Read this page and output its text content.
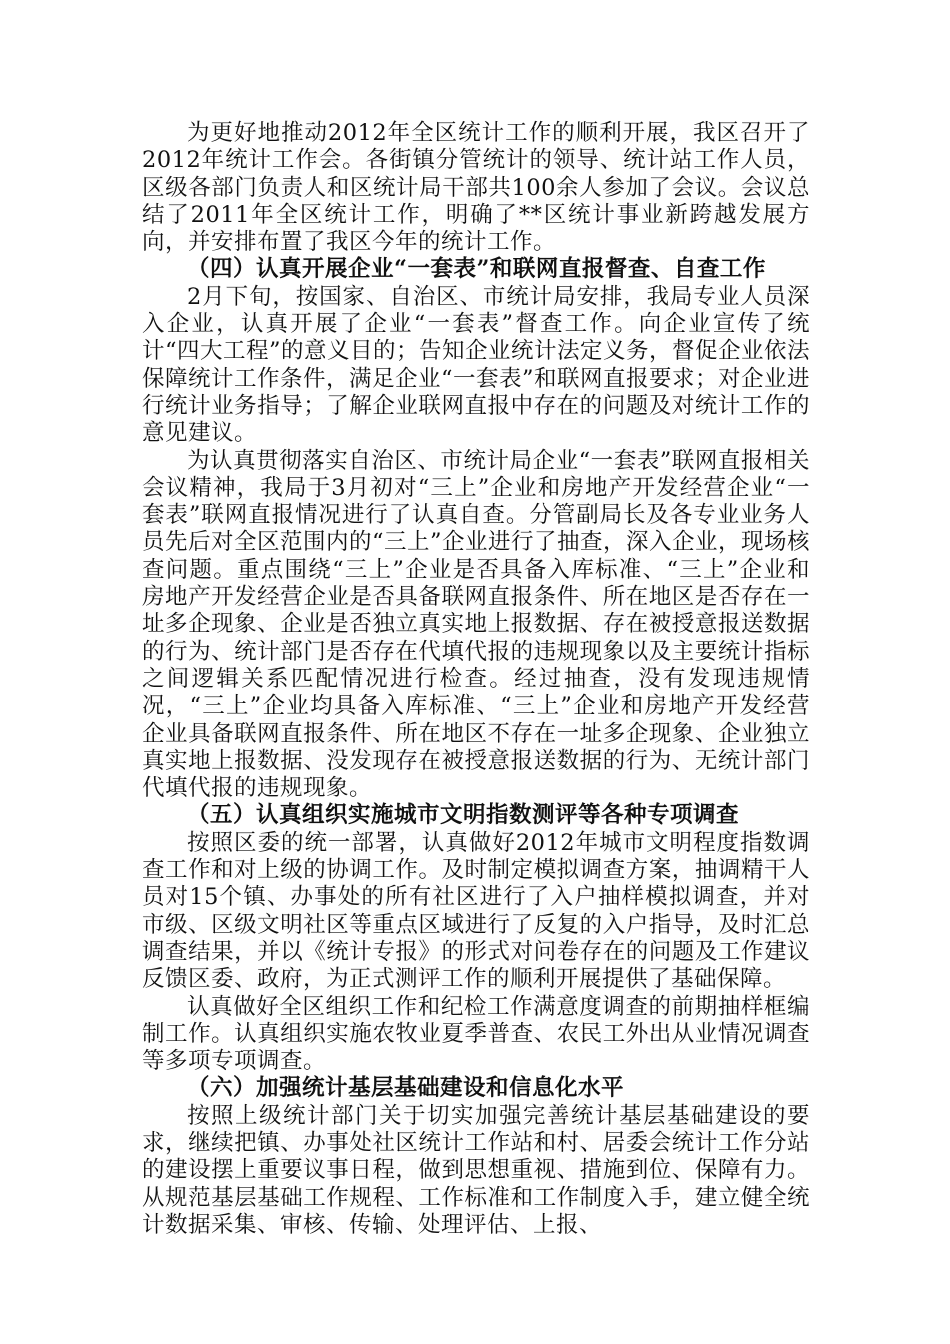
为更好地推动2012年全区统计工作的顺利开展，我区召开了2012年统计工作会。各街镇分管统计的领导、统计站工作人员，区级各部门负责人和区统计局干部共100余人参加了会议。会议总结了2011年全区统计工作，明确了**区统计事业新跨越发展方向，并安排布置了我区今年的统计工作。

（四）认真开展企业“一套表”和联网直报督查、自查工作

2月下旬，按国家、自治区、市统计局安排，我局专业人员深入企业，认真开展了企业“一套表”督查工作。向企业宣传了统计“四大工程”的意义目的；告知企业统计法定义务，督促企业依法保障统计工作条件，满足企业“一套表”和联网直报要求；对企业进行统计业务指导；了解企业联网直报中存在的问题及对统计工作的意见建议。

为认真贯彻落实自治区、市统计局企业“一套表”联网直报相关会议精神，我局于3月初对“三上”企业和房地产开发经营企业“一套表”联网直报情况进行了认真自查。分管副局长及各专业业务人员先后对全区范围内的“三上”企业进行了抽查，深入企业，现场核查问题。重点围绕“三上”企业是否具备入库标准、“三上”企业和房地产开发经营企业是否具备联网直报条件、所在地区是否存在一址多企现象、企业是否独立真实地上报数据、存在被授意报送数据的行为、统计部门是否存在代填代报的违规现象以及主要统计指标之间逻辑关系匹配情况进行检查。经过抽查，没有发现违规情况，“三上”企业均具备入库标准、“三上”企业和房地产开发经营企业具备联网直报条件、所在地区不存在一址多企现象、企业独立真实地上报数据、没发现存在被授意报送数据的行为、无统计部门代填代报的违规现象。

（五）认真组织实施城市文明指数测评等各种专项调查

按照区委的统一部署，认真做好2012年城市文明程度指数调查工作和对上级的协调工作。及时制定模拟调查方案，抽调精干人员对15个镇、办事处的所有社区进行了入户抽样模拟调查，并对市级、区级文明社区等重点区域进行了反复的入户指导，及时汇总调查结果，并以《统计专报》的形式对问卷存在的问题及工作建议反馈区委、政府，为正式测评工作的顺利开展提供了基础保障。

认真做好全区组织工作和纪检工作满意度调查的前期抽样框编制工作。认真组织实施农牧业夏季普查、农民工外出从业情况调查等多项专项调查。

（六）加强统计基层基础建设和信息化水平

按照上级统计部门关于切实加强完善统计基层基础建设的要求，继续把镇、办事处社区统计工作站和村、居委会统计工作分站的建设摆上重要议事日程，做到思想重视、措施到位、保障有力。从规范基层基础工作规程、工作标准和工作制度入手，建立健全统计数据采集、审核、传输、处理评估、上报、
